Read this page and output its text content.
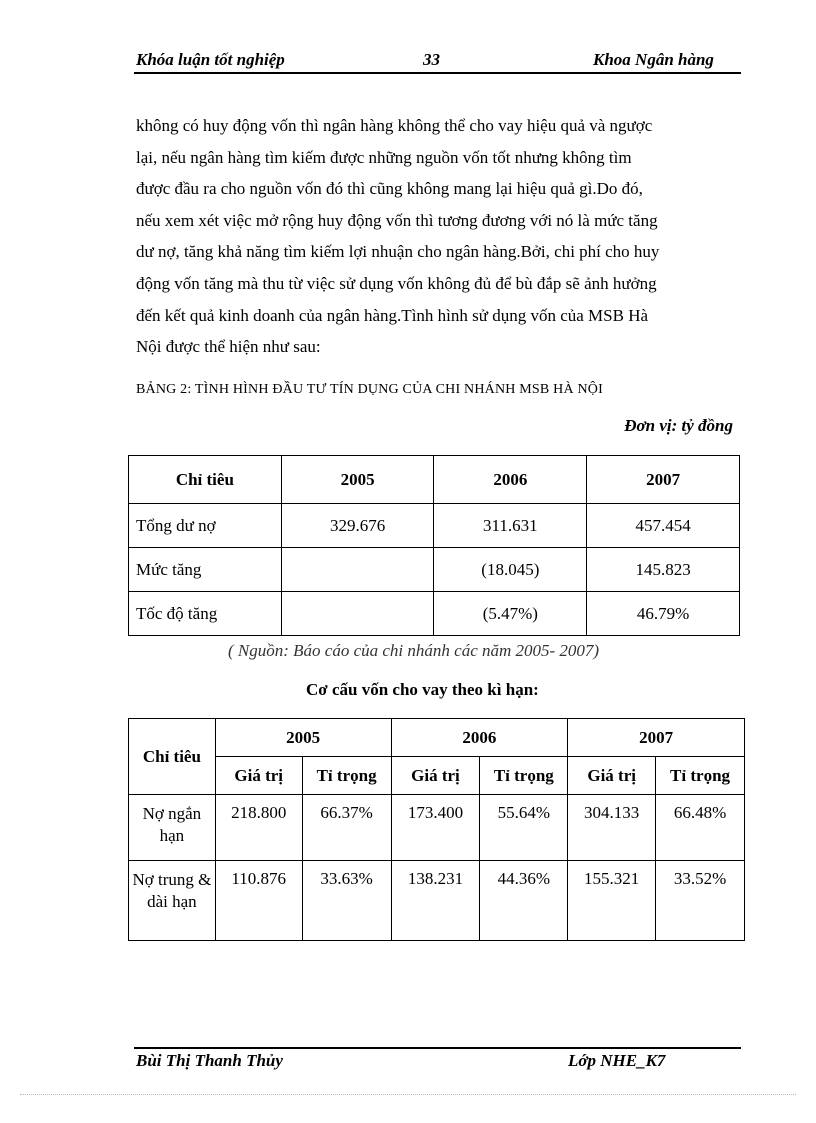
Khóa luận tốt nghiệp	33	Khoa Ngân hàng

không có huy động vốn thì ngân hàng không thể cho vay hiệu quả và ngược

lại, nếu ngân hàng tìm kiếm được những nguồn vốn tốt nhưng không tìm

được đầu ra cho nguồn vốn đó thì cũng không mang lại hiệu quả gì.Do đó,

nếu xem xét việc mở rộng huy động vốn thì tương đương với nó là mức tăng

dư nợ, tăng khả năng tìm kiếm lợi nhuận cho ngân hàng.Bởi, chi phí cho huy

động vốn tăng mà thu từ việc sử dụng vốn không đủ để bù đắp sẽ ảnh hưởng

đến kết quả kinh doanh của ngân hàng.Tình hình sử dụng vốn của MSB Hà

Nội được thể hiện như sau:

BẢNG 2: TÌNH HÌNH ĐẦU TƯ TÍN DỤNG CỦA CHI NHÁNH MSB HÀ NỘI
Đơn vị: tỷ đồng
Chỉ tiêu	2005	2006	2007
Tổng dư nợ	329.676	311.631	457.454
Mức tăng		(18.045)	145.823
Tốc độ tăng		(5.47%)	46.79%
( Nguồn: Báo cáo của chi nhánh các năm 2005- 2007)
Cơ cấu vốn cho vay theo kì hạn:
Chỉ tiêu	2005		2006		2007	
	Giá trị	Tỉ trọng	Giá trị	Tỉ trọng	Giá trị	Tỉ trọng
Nợ ngắn hạn	218.800	66.37%	173.400	55.64%	304.133	66.48%
Nợ trung & dài hạn	110.876	33.63%	138.231	44.36%	155.321	33.52%
Bùi Thị Thanh Thủy	Lớp NHE_K7
